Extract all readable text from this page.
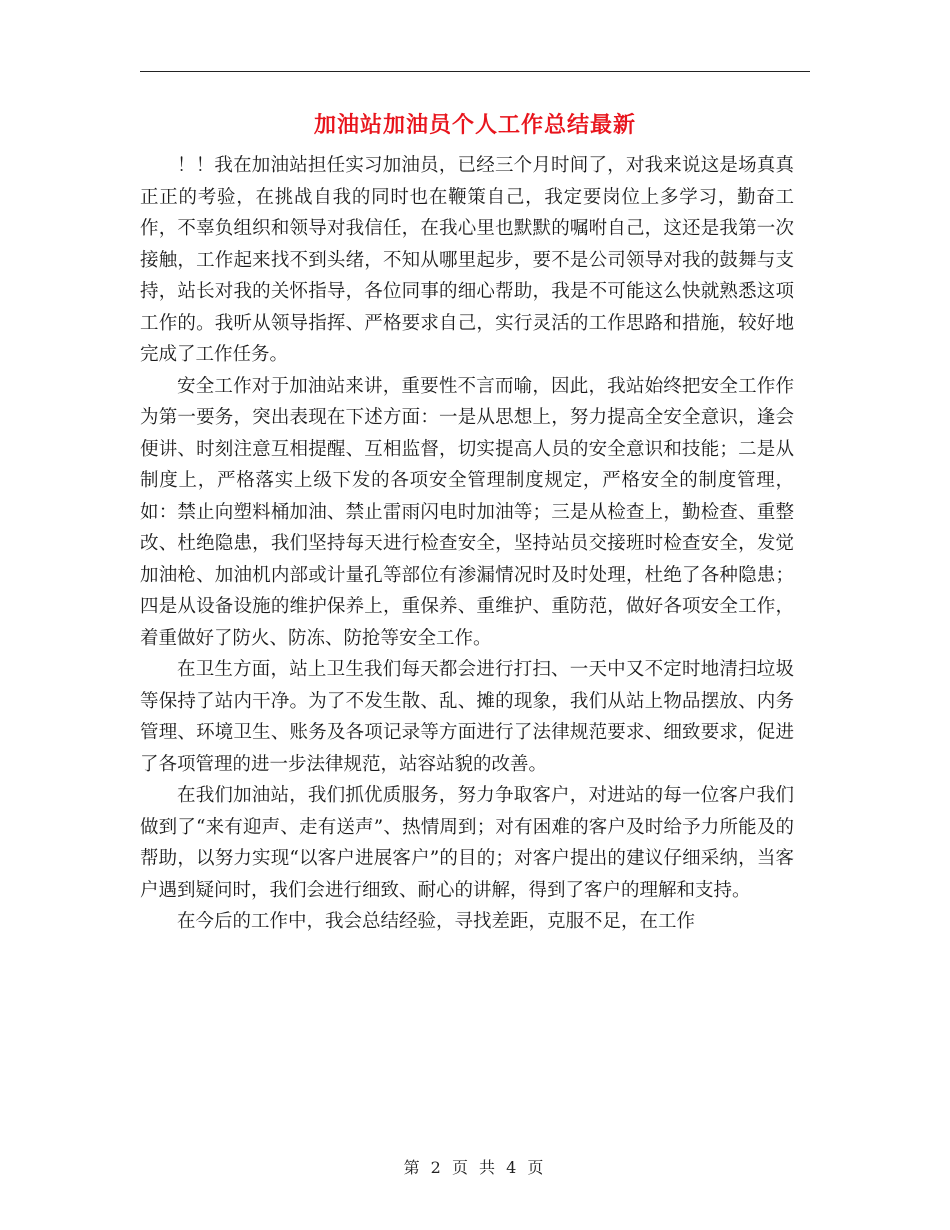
加油站加油员个人工作总结最新

！！我在加油站担任实习加油员，已经三个月时间了，对我来说这是场真真正正的考验，在挑战自我的同时也在鞭策自己，我定要岗位上多学习，勤奋工作，不辜负组织和领导对我信任，在我心里也默默的嘱咐自己，这还是我第一次接触，工作起来找不到头绪，不知从哪里起步，要不是公司领导对我的鼓舞与支持，站长对我的关怀指导，各位同事的细心帮助，我是不可能这么快就熟悉这项工作的。我听从领导指挥、严格要求自己，实行灵活的工作思路和措施，较好地完成了工作任务。

安全工作对于加油站来讲，重要性不言而喻，因此，我站始终把安全工作作为第一要务，突出表现在下述方面：一是从思想上，努力提高全安全意识，逢会便讲、时刻注意互相提醒、互相监督，切实提高人员的安全意识和技能；二是从制度上，严格落实上级下发的各项安全管理制度规定，严格安全的制度管理，如：禁止向塑料桶加油、禁止雷雨闪电时加油等；三是从检查上，勤检查、重整改、杜绝隐患，我们坚持每天进行检查安全，坚持站员交接班时检查安全，发觉加油枪、加油机内部或计量孔等部位有渗漏情况时及时处理，杜绝了各种隐患；四是从设备设施的维护保养上，重保养、重维护、重防范，做好各项安全工作，着重做好了防火、防冻、防抢等安全工作。

在卫生方面，站上卫生我们每天都会进行打扫、一天中又不定时地清扫垃圾等保持了站内干净。为了不发生散、乱、摊的现象，我们从站上物品摆放、内务管理、环境卫生、账务及各项记录等方面进行了法律规范要求、细致要求，促进了各项管理的进一步法律规范，站容站貌的改善。

在我们加油站，我们抓优质服务，努力争取客户，对进站的每一位客户我们做到了“来有迎声、走有送声”、热情周到；对有困难的客户及时给予力所能及的帮助，以努力实现“以客户进展客户”的目的；对客户提出的建议仔细采纳，当客户遇到疑问时，我们会进行细致、耐心的讲解，得到了客户的理解和支持。

在今后的工作中，我会总结经验，寻找差距，克服不足，在工作

第 2 页 共 4 页
